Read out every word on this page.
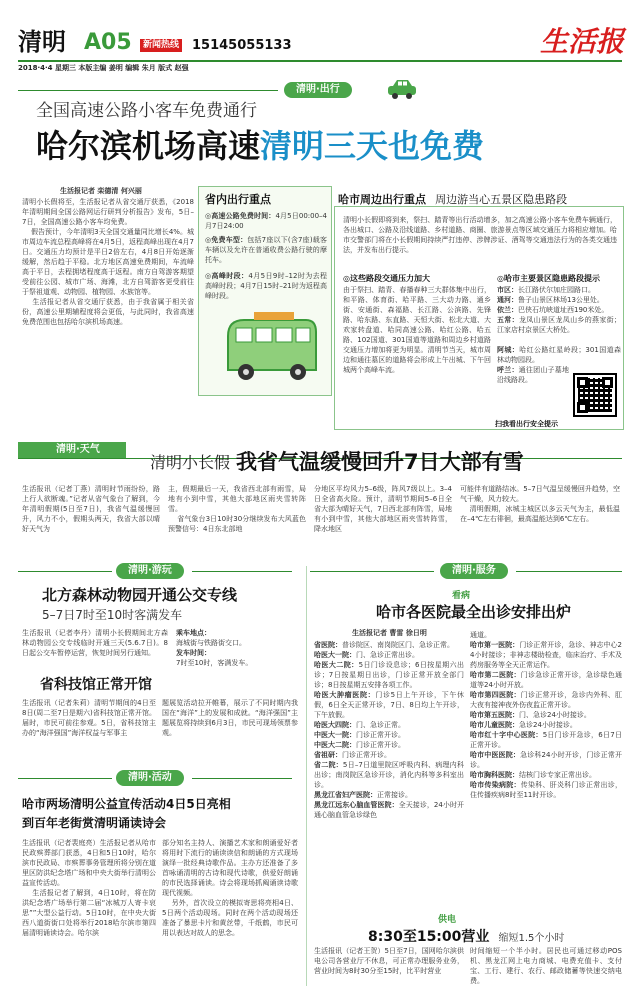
清明 A05	新闻热线 15145055133	生活报
2018·4·4 星期三 本版主编 姜明 编辑 朱月 版式 赵强
清明·出行
全国高速公路小客车免费通行
哈尔滨机场高速清明三天也免费
生活报记者 栾德清 何兴丽
清明小长假将至，生活报记者从省交通厅获悉，《2018年清明期间全国公路网运行研判分析报告》发布，5日–7日，全国高速公路小客车均免费。
假告预计，今年清明3天全国交通量同比增长4%。城市周边车流总程高峰将在4月5日，返程高峰出现在4月7日。交通压力均预计是平日2倍左右，4月8日开始逐渐缓解，然后趋于平稳。北方地区高速免费期间，车流峰高于平日，去程拥堵程度高于返程。南方自驾游客期望受前往公园、城市广场、海滩，北方自驾游客更受前往于祭祖道观、动物园、植物园、水族馆等。
生活报记者从省交通厅获悉，由于我省属于相关省份，高速公里期辅程度将会更低，与此同时，我省高速免费范围也包括哈尔滨机场高速。
省内出行重点
◎高速公路免费时间：4月5日00:00–4月7日24:00
◎免费车型：包括7座以下(含7座)载客车辆以及允许在普通收费公路行驶的摩托车。
◎高峰时段：4月5日9时–12时为去程高峰时段；4月7日15时–21时为返程高峰时段。
哈市周边出行重点 周边游当心五景区隐患路段
清明小长假即将到来，祭扫、踏青等出行活动增多，加之高速公路小客车免费车辆通行，各出城口、公路及沿线道路、乡村道路、商圈、旅游景点等区域交通压力将相应增加。哈市交警部门将在小长假期间持续严打违停、涉牌涉证、酒驾等交通违法行为的各类交通违法，并发布出行提示。
◎这些路段交通压力加大
由于祭扫、踏青、春播春种三大群体集中出行，和平路、体育街、哈平路、三大动力路、通乡街、安通街、森福路、长江路、公滨路、先锋路、哈东路、东直路、天恒大街、松北大道、大欢家转盘道、哈同高速公路、哈红公路、哈五路、102国道、301国道等道路和周边乡村道路交通压力增加将更为明显。清明节当天，城市周边和通往墓区的道路将会形成上午出城、下午回城两个高峰车流。
◎哈市主要景区隐患路段提示
市区：长江路伏尔加庄园路口。
通河：鲁子山景区林场13公里处。
依兰：巴侠石坑峡道址西190米处。
五常：龙凤山景区龙凤山乡的燕家街；江家店村京景区大桥处。
阿城：哈红公路红星岭段；301国道森林动物园段。
呼兰：通往团山子墓地沿线路段。
扫我看出行安全提示
清明·天气
清明小长假 我省气温缓慢回升7日大部有雪
生活报讯（记者丁燕）清明时节雨纷纷，路上行人欲断魂。”记者从省气象台了解到，今年清明假期(5日至7日)，我省气温缓慢回升，风力不小，假期头两天，我省大部以晴好天气为
主，假期最后一天，我省西北部有雨雪，局地有小到中雪，其他大部地区雨夹雪转阵雪。
省气象台3日10时30分继续发布大风蓝色预警信号：4日东北部地
分地区平均风力5–6级，阵风7级以上。3–4日全省高火险。预计，清明节期间5–6日全省大部为晴好天气，7日西北部有阵雪，局地有小到中雪，其他大部地区雨夹雪转阵雪，降水地区
可能伴有道路结冰。5–7日气温呈缓慢回升趋势，空气干燥，风力较大。
清明假期，冰城主城区以多云天气为主，最低温在–4℃左右徘徊，最高温能达到6℃左右。
清明·游玩
北方森林动物园开通公交专线
5–7日7时至10时客满发车
生活报讯（记者李丹）清明小长假期间北方森林动物园公交专线临时开通三天(5.6.7日)。8日起公交车暂停运营，恢复时间另行通知。
乘车地点：
海城街与铁路街交口。
发车时间：
7时至10时，客满发车。
省科技馆正常开馆
生活报讯（记者朱莉）清明节期间的4日至8日(周二至7日是期六)省科技馆正常开馆。届时，市民可前往参观。5日，省科技馆主办的“海洋强国”海洋权益与军事主
题展览活动拉开帷幕，展示了不同时期内我国在“海洋”上的发展和成就。“海洋强国”主题展览将持续到6月3日，市民可现场领票参观。
清明·活动
哈市两场清明公益宣传活动4日5日亮相
到百年老街赏清明诵读诗会
生活报讯（记者裴庭亮）生活报记者从哈市民政殡葬部门获悉，4日和5日10时，哈尔滨市民政局、市殡葬事务管理所将分别在道里区防洪纪念塔广场和中央大街举行清明公益宣传活动。
生活报记者了解到，4日10时，将在防洪纪念塔广场举行第二届“冰城万人寄卡哀思””大型公益行动。5日10时，在中央大街西八道街街口处将举行2018哈尔滨市第四届清明诵读诗会。哈尔滨
部分知名主持人、演播艺术家和朗诵爱好者将用时下流行的诵读读信和朗诵的方式现场演绎一批经典诗歌作品。主办方还准备了多首咏诵清明的古诗和现代诗歌，供爱好朗诵的市民选择诵读。诗会将现场抓阄诵读诗歌现代视频。
另外，首次设立的模拟寄思将亮相4日、5日两个活动现场。同时在两个活动现场还准备了暴思卡片和黄丝带，千纸鹤，市民可用以表达对故人的思念。
清明·服务
看病
哈市各医院最全出诊安排出炉
生活报记者 曹雷 徐日明
省医院：普诊院区、南岗院区门、急诊正常。
哈医大一院：门、急诊正常出诊。
哈医大二院：5日门诊设息诊；6日按星期六出诊；7日按星期日出诊，门诊正常开放全部门诊；8日按星期五安排各项工作。
哈医大肿瘤医院：门诊5日上午开诊，下午休假，6日全天正常开诊，7日、8日均上午开诊，下午放假。
哈医大四院：门、急诊正常。
中医大一院：门诊正常开诊。
中医大二院：门诊正常开诊。
省祖研：门诊正常开诊。
省二院：5日–7日道里院区呼吸内科、病理内科出诊；南岗院区急诊开诊，消化内科等多科室出诊。
黑龙江省妇产医院：正常接诊。
黑龙江远东心脑血管医院：全天接诊，24小时开通心脑血管急诊绿色
通道。
哈市第一医院：门诊正常开诊，急诊、神志中心24小时接诊；非神志楼助检查，临床治疗、手术及药房服务等全天正常运作。
哈市第二医院：门诊急诊正常开诊，急诊绿色通道等24小时开放。
哈市第四医院：门诊正常开诊，急诊内外科、肛大夜有接神夜外伤夜监正常开诊。
哈市第五医院：门、急诊24小时接诊。
哈市儿童医院：急诊24小时接诊。
哈市红十字中心医院：5日门诊开急诊，6日7日正常开诊。
哈市中医医院：急诊科24小时开诊，门诊正常开诊。
哈市胸科医院：结核门诊专家正常出诊。
哈市传染病院：传染科、肝炎科门诊正常出诊，住传播疾病8时至11时开诊。
供电
8:30至15:00营业 缩短1.5个小时
生活报讯（记者王贺）5日至7日，国网哈尔滨供电公司各营业厅不休息，可正常办理服务业务，营业时间为8时30分至15时，比平时营业
时间缩短一个半小时。居民也可通过移动POS机、黑龙江网上电力商城、电费充值卡、支付宝、工行、建行、农行、邮政储蓄等快速交纳电费。
